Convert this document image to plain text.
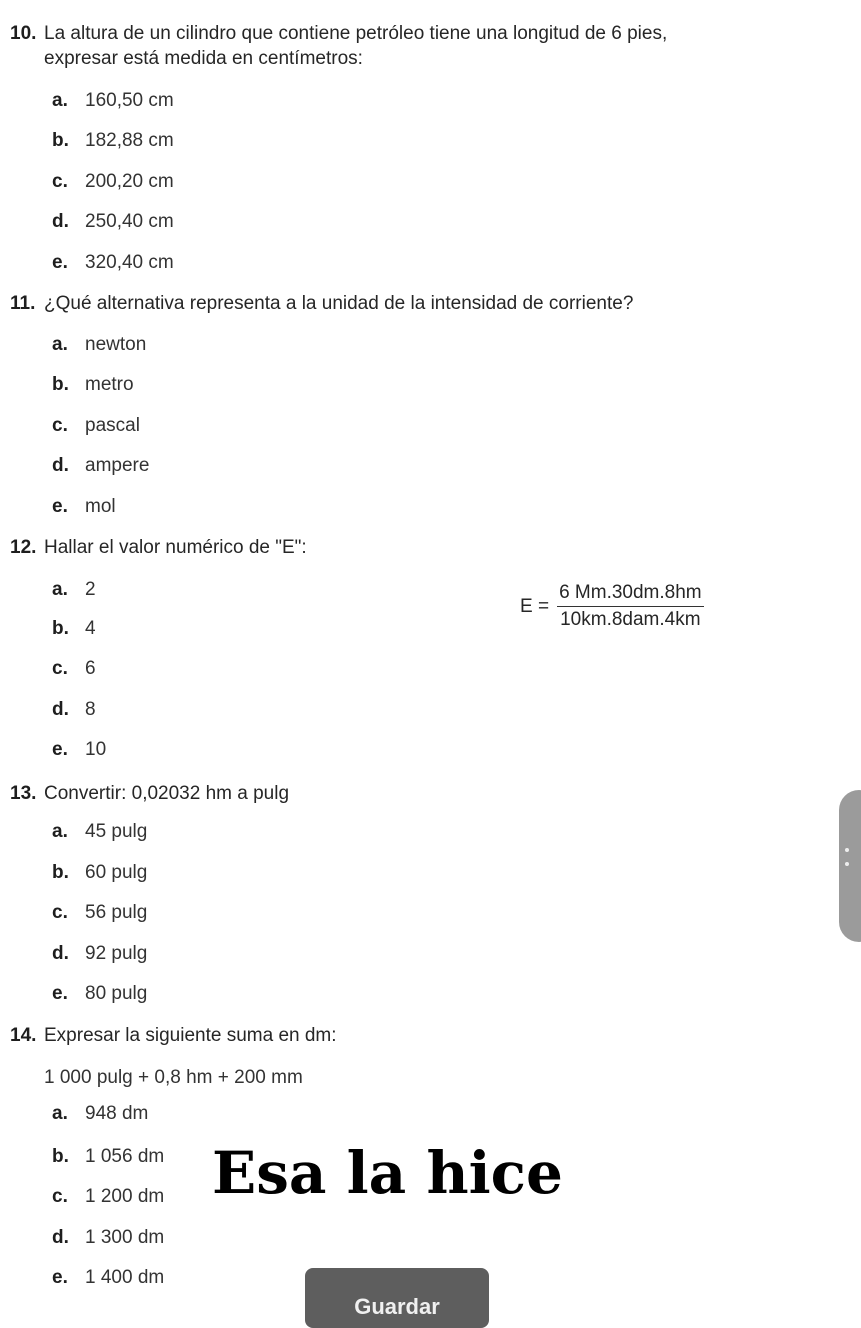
10. La altura de un cilindro que contiene petróleo tiene una longitud de 6 pies,
expresar está medida en centímetros:
a. 160,50 cm
b. 182,88 cm
c. 200,20 cm
d. 250,40 cm
e. 320,40 cm
11. ¿Qué alternativa representa a la unidad de la intensidad de corriente?
a. newton
b. metro
c. pascal
d. ampere
e. mol
12. Hallar el valor numérico de "E":
a. 2
b. 4
c. 6
d. 8
e. 10
$E = \frac{6 Mm.30dm.8hm}{\text{10km.8dam.4km}}$
13. Convertir: 0,02032 hm a pulg
a. 45 pulg
b. 60 pulg
c. 56 pulg
d. 92 pulg
e. 80 pulg
14. Expresar la siguiente suma en dm:
1 000 pulg + 0,8 hm + 200 mm
a. 948 dm
b. 1 056 dm
c. 1 200 dm
d. 1 300 dm
e. 1 400 dm
Esa la hice
Guardar
